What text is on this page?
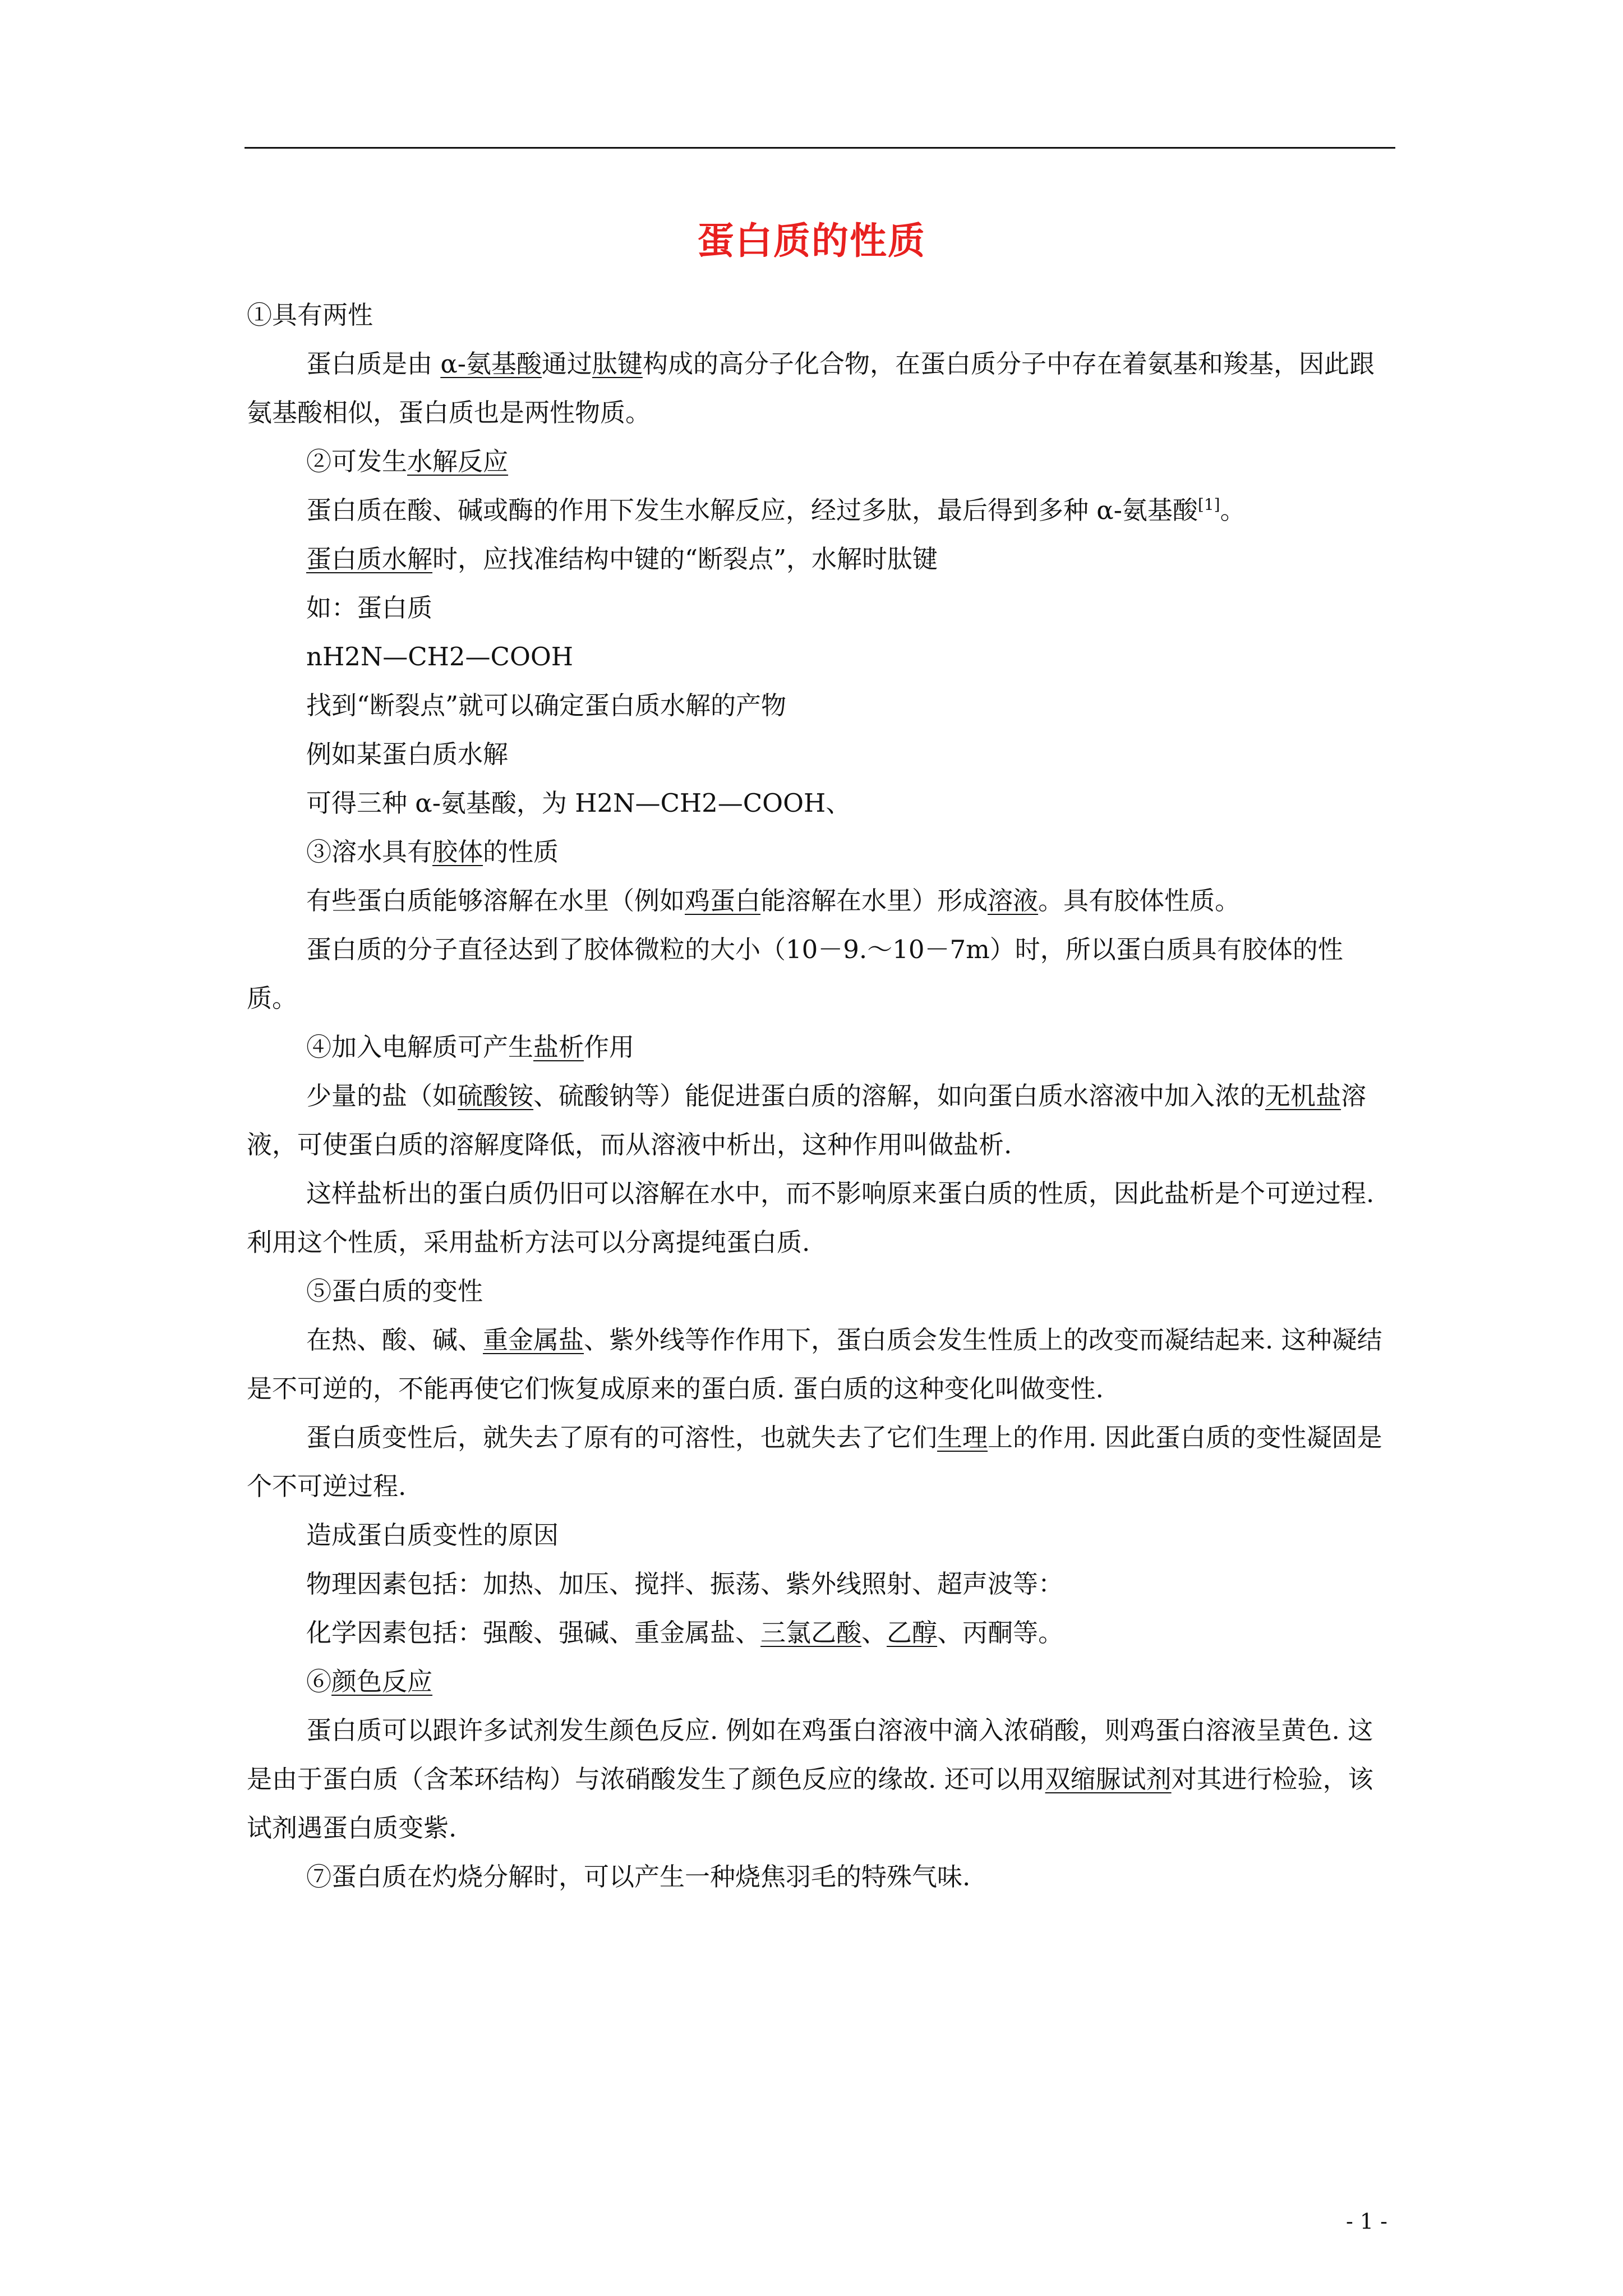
蛋白质的性质

①具有两性

蛋白质是由 α-氨基酸通过肽键构成的高分子化合物，在蛋白质分子中存在着氨基和羧基，因此跟氨基酸相似，蛋白质也是两性物质。

②可发生水解反应

蛋白质在酸、碱或酶的作用下发生水解反应，经过多肽，最后得到多种 α-氨基酸[1]。

蛋白质水解时，应找准结构中键的“断裂点”，水解时肽键

如：蛋白质

nH2N—CH2—COOH

找到“断裂点”就可以确定蛋白质水解的产物

例如某蛋白质水解

可得三种 α-氨基酸，为 H2N—CH2—COOH、

③溶水具有胶体的性质

有些蛋白质能够溶解在水里（例如鸡蛋白能溶解在水里）形成溶液。具有胶体性质。

蛋白质的分子直径达到了胶体微粒的大小（10－9.～10－7m）时，所以蛋白质具有胶体的性质。

④加入电解质可产生盐析作用

少量的盐（如硫酸铵、硫酸钠等）能促进蛋白质的溶解，如向蛋白质水溶液中加入浓的无机盐溶液，可使蛋白质的溶解度降低，而从溶液中析出，这种作用叫做盐析.

这样盐析出的蛋白质仍旧可以溶解在水中，而不影响原来蛋白质的性质，因此盐析是个可逆过程. 利用这个性质，采用盐析方法可以分离提纯蛋白质.

⑤蛋白质的变性

在热、酸、碱、重金属盐、紫外线等作作用下，蛋白质会发生性质上的改变而凝结起来. 这种凝结是不可逆的，不能再使它们恢复成原来的蛋白质. 蛋白质的这种变化叫做变性.

蛋白质变性后，就失去了原有的可溶性，也就失去了它们生理上的作用. 因此蛋白质的变性凝固是个不可逆过程.

造成蛋白质变性的原因

物理因素包括：加热、加压、搅拌、振荡、紫外线照射、超声波等：

化学因素包括：强酸、强碱、重金属盐、三氯乙酸、乙醇、丙酮等。

⑥颜色反应

蛋白质可以跟许多试剂发生颜色反应. 例如在鸡蛋白溶液中滴入浓硝酸，则鸡蛋白溶液呈黄色. 这是由于蛋白质（含苯环结构）与浓硝酸发生了颜色反应的缘故. 还可以用双缩脲试剂对其进行检验，该试剂遇蛋白质变紫.

⑦蛋白质在灼烧分解时，可以产生一种烧焦羽毛的特殊气味.

- 1 -
